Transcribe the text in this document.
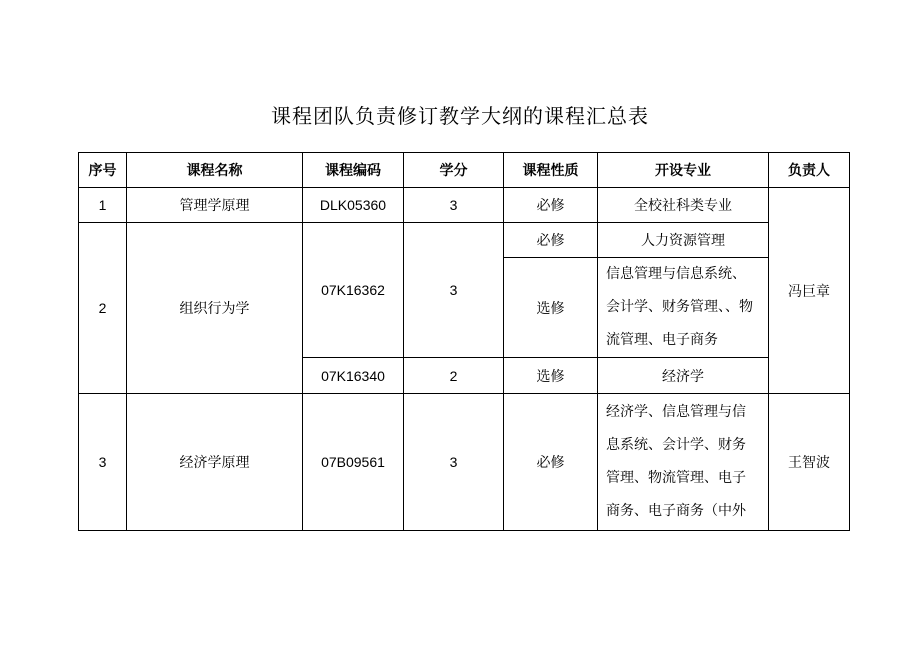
课程团队负责修订教学大纲的课程汇总表
序号	课程名称	课程编码	学分	课程性质	开设专业	负责人
1	管理学原理	DLK05360	3	必修	全校社科类专业	冯巨章
2	组织行为学	07K16362	3	必修	人力资源管理	
				选修	信息管理与信息系统、
会计学、财务管理、、物
流管理、电子商务	

		07K16340	2	选修	经济学	
3	经济学原理	07B09561	3	必修	经济学、信息管理与信
息系统、会计学、财务
管理、物流管理、电子
商务、电子商务（中外	王智波
